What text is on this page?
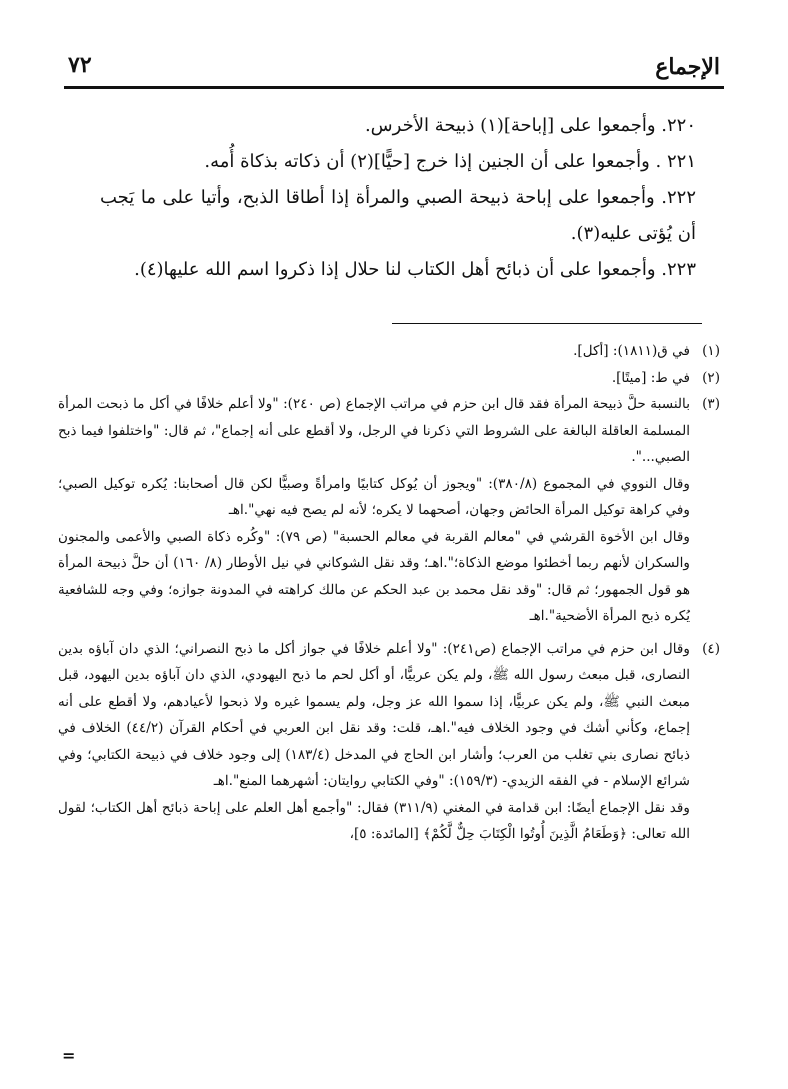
الإجماع
٧٢

٢٢٠. وأجمعوا على [إباحة](١) ذبيحة الأخرس.

٢٢١ . وأجمعوا على أن الجنين إذا خرج [حيًّا](٢) أن ذكاته بذكاة أُمه.

٢٢٢. وأجمعوا على إباحة ذبيحة الصبي والمرأة إذا أطاقا الذبح، وأتيا على ما يَجب أن يُؤتى عليه(٣).

٢٢٣. وأجمعوا على أن ذبائح أهل الكتاب لنا حلال إذا ذكروا اسم الله عليها(٤).

(١)

في ق(١٨١١): [أكل].

(٢)

في ط: [ميتًا].

(٣)

بالنسبة حلَّ ذبيحة المرأة فقد قال ابن حزم في مراتب الإجماع (ص ٢٤٠): "ولا أعلم خلافًا في أكل ما ذبحت المرأة المسلمة العاقلة البالغة على الشروط التي ذكرنا في الرجل، ولا أقطع على أنه إجماع"، ثم قال: "واختلفوا فيما ذبح الصبي...".

وقال النووي في المجموع (٣٨٠/٨): "ويجوز أن يُوكل كتابيًا وامرأةً وصبيًّا لكن قال أصحابنا: يُكره توكيل الصبي؛ وفي كراهة توكيل المرأة الحائض وجهان، أصحهما لا يكره؛ لأنه لم يصح فيه نهي".اهـ

وقال ابن الأخوة القرشي في "معالم القربة في معالم الحسبة" (ص ٧٩): "وكُره ذكاة الصبي والأعمى والمجنون والسكران لأنهم ربما أخطئوا موضع الذكاة؛".اهـ؛ وقد نقل الشوكاني في نيل الأوطار (٨/ ١٦٠) أن حلَّ ذبيحة المرأة هو قول الجمهور؛ ثم قال: "وقد نقل محمد بن عبد الحكم عن مالك كراهته في المدونة جوازه؛ وفي وجه للشافعية يُكره ذبح المرأة الأضحية".اهـ

(٤)

وقال ابن حزم في مراتب الإجماع (ص٢٤١): "ولا أعلم خلافًا في جواز أكل ما ذبح النصراني؛ الذي دان آباؤه بدين النصارى، قبل مبعث رسول الله ﷺ، ولم يكن عربيًّا، أو أكل لحم ما ذبح اليهودي، الذي دان آباؤه بدين اليهود، قبل مبعث النبي ﷺ، ولم يكن عربيًّا، إذا سموا الله عز وجل، ولم يسموا غيره ولا ذبحوا لأعيادهم، ولا أقطع على أنه إجماع، وكأني أشك في وجود الخلاف فيه".اهـ، قلت: وقد نقل ابن العربي في أحكام القرآن (٤٤/٢) الخلاف في ذبائح نصارى بني تغلب من العرب؛ وأشار ابن الحاج في المدخل (١٨٣/٤) إلى وجود خلاف في ذبيحة الكتابي؛ وفي شرائع الإسلام - في الفقه الزيدي- (١٥٩/٣): "وفي الكتابي روايتان: أشهرهما المنع".اهـ

وقد نقل الإجماع أيضًا: ابن قدامة في المغني (٣١١/٩) فقال: "وأجمع أهل العلم على إباحة ذبائح أهل الكتاب؛ لقول الله تعالى: ﴿وَطَعَامُ الَّذِينَ أُوتُوا الْكِتَابَ حِلٌّ لَّكُمْ﴾ [المائدة: ٥]،

=
